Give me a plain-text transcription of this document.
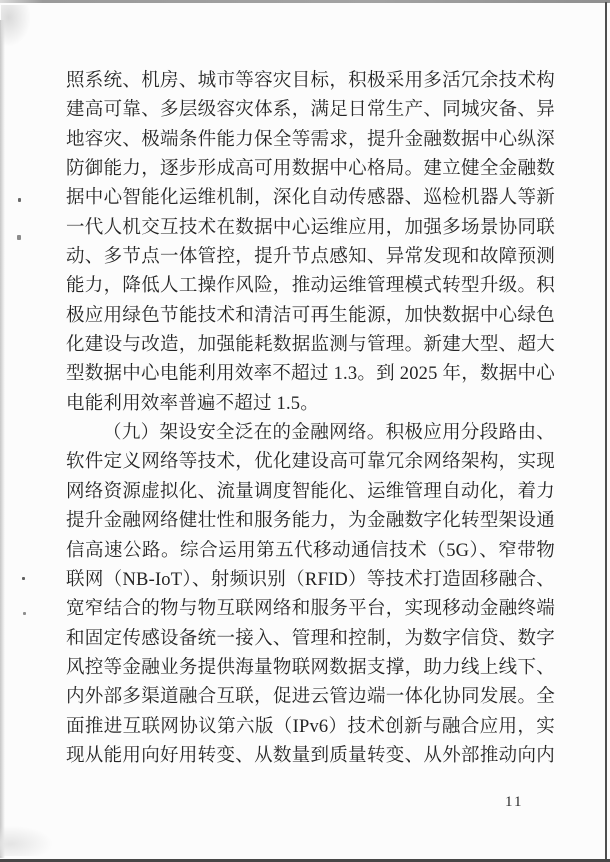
照系统、机房、城市等容灾目标，积极采用多活冗余技术构
建高可靠、多层级容灾体系，满足日常生产、同城灾备、异
地容灾、极端条件能力保全等需求，提升金融数据中心纵深
防御能力，逐步形成高可用数据中心格局。建立健全金融数
据中心智能化运维机制，深化自动传感器、巡检机器人等新
一代人机交互技术在数据中心运维应用，加强多场景协同联
动、多节点一体管控，提升节点感知、异常发现和故障预测
能力，降低人工操作风险，推动运维管理模式转型升级。积
极应用绿色节能技术和清洁可再生能源，加快数据中心绿色
化建设与改造，加强能耗数据监测与管理。新建大型、超大
型数据中心电能利用效率不超过 1.3。到 2025 年，数据中心
电能利用效率普遍不超过 1.5。
（九）架设安全泛在的金融网络。积极应用分段路由、
软件定义网络等技术，优化建设高可靠冗余网络架构，实现
网络资源虚拟化、流量调度智能化、运维管理自动化，着力
提升金融网络健壮性和服务能力，为金融数字化转型架设通
信高速公路。综合运用第五代移动通信技术（5G）、窄带物
联网（NB-IoT）、射频识别（RFID）等技术打造固移融合、
宽窄结合的物与物互联网络和服务平台，实现移动金融终端
和固定传感设备统一接入、管理和控制，为数字信贷、数字
风控等金融业务提供海量物联网数据支撑，助力线上线下、
内外部多渠道融合互联，促进云管边端一体化协同发展。全
面推进互联网协议第六版（IPv6）技术创新与融合应用，实
现从能用向好用转变、从数量到质量转变、从外部推动向内
11
